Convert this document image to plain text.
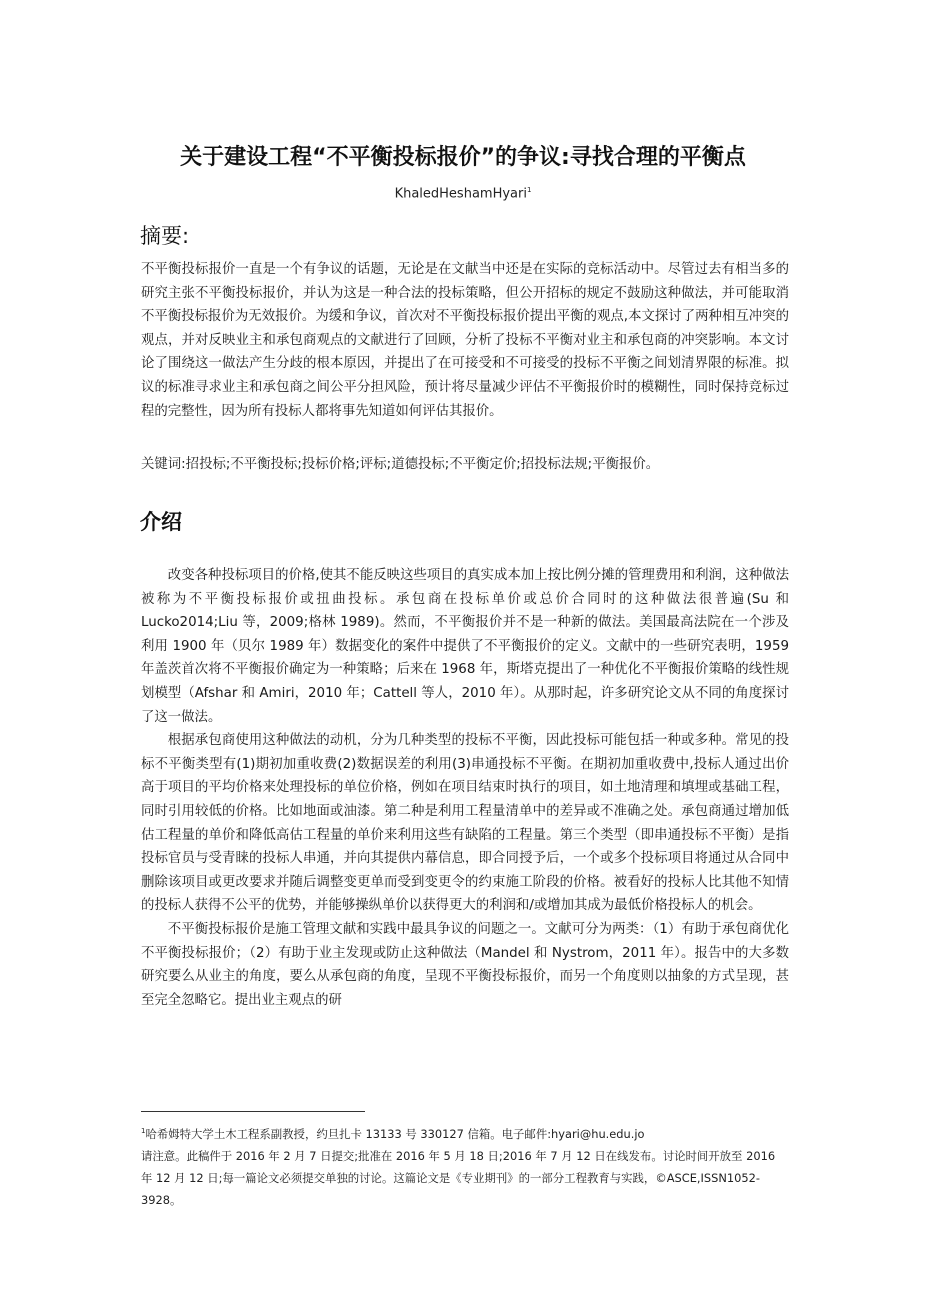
关于建设工程“不平衡投标报价”的争议:寻找合理的平衡点
KhaledHeshamHyari$^1$
摘要:
不平衡投标报价一直是一个有争议的话题，无论是在文献当中还是在实际的竞标活动中。尽管过去有相当多的研究主张不平衡投标报价，并认为这是一种合法的投标策略，但公开招标的规定不鼓励这种做法，并可能取消不平衡投标报价为无效报价。为缓和争议，首次对不平衡投标报价提出平衡的观点,本文探讨了两种相互冲突的观点，并对反映业主和承包商观点的文献进行了回顾，分析了投标不平衡对业主和承包商的冲突影响。本文讨论了围绕这一做法产生分歧的根本原因，并提出了在可接受和不可接受的投标不平衡之间划清界限的标准。拟议的标准寻求业主和承包商之间公平分担风险，预计将尽量减少评估不平衡报价时的模糊性，同时保持竞标过程的完整性，因为所有投标人都将事先知道如何评估其报价。
关键词:招投标;不平衡投标;投标价格;评标;道德投标;不平衡定价;招投标法规;平衡报价。
介绍

改变各种投标项目的价格,使其不能反映这些项目的真实成本加上按比例分摊的管理费用和利润，这种做法被称为不平衡投标报价或扭曲投标。承包商在投标单价或总价合同时的这种做法很普遍(Su 和 Lucko2014;Liu 等，2009;格林 1989)。然而，不平衡报价并不是一种新的做法。美国最高法院在一个涉及利用 1900 年（贝尔 1989 年）数据变化的案件中提供了不平衡报价的定义。文献中的一些研究表明，1959 年盖茨首次将不平衡报价确定为一种策略；后来在 1968 年，斯塔克提出了一种优化不平衡报价策略的线性规划模型（Afshar 和 Amiri，2010 年；Cattell 等人，2010 年）。从那时起，许多研究论文从不同的角度探讨了这一做法。

根据承包商使用这种做法的动机，分为几种类型的投标不平衡，因此投标可能包括一种或多种。常见的投标不平衡类型有(1)期初加重收费(2)数据误差的利用(3)串通投标不平衡。在期初加重收费中,投标人通过出价高于项目的平均价格来处理投标的单位价格，例如在项目结束时执行的项目，如土地清理和填埋或基础工程，同时引用较低的价格。比如地面或油漆。第二种是利用工程量清单中的差异或不准确之处。承包商通过增加低估工程量的单价和降低高估工程量的单价来利用这些有缺陷的工程量。第三个类型（即串通投标不平衡）是指投标官员与受青睐的投标人串通，并向其提供内幕信息，即合同授予后，一个或多个投标项目将通过从合同中删除该项目或更改要求并随后调整变更单而受到变更令的约束施工阶段的价格。被看好的投标人比其他不知情的投标人获得不公平的优势，并能够操纵单价以获得更大的利润和/或增加其成为最低价格投标人的机会。

不平衡投标报价是施工管理文献和实践中最具争议的问题之一。文献可分为两类：（1）有助于承包商优化不平衡投标报价；（2）有助于业主发现或防止这种做法（Mandel 和 Nystrom，2011 年）。报告中的大多数研究要么从业主的角度，要么从承包商的角度，呈现不平衡投标报价，而另一个角度则以抽象的方式呈现，甚至完全忽略它。提出业主观点的研

$^1$哈希姆特大学土木工程系副教授，约旦扎卡 13133 号 330127 信箱。电子邮件:hyari@hu.edu.jo

请注意。此稿件于 2016 年 2 月 7 日提交;批准在 2016 年 5 月 18 日;2016 年 7 月 12 日在线发布。讨论时间开放至 2016 年 12 月 12 日;每一篇论文必须提交单独的讨论。这篇论文是《专业期刊》的一部分工程教育与实践，©ASCE,ISSN1052-3928。
